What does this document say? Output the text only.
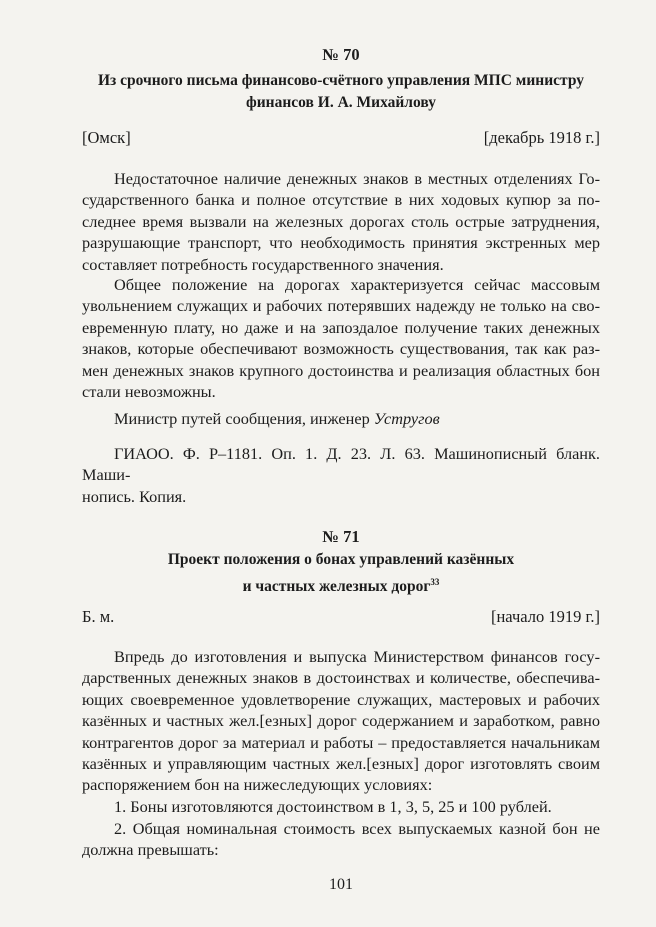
№ 70
Из срочного письма финансово-счётного управления МПС министру
финансов И. А. Михайлову
[Омск]	[декабрь 1918 г.]
Недостаточное наличие денежных знаков в местных отделениях Го-
сударственного банка и полное отсутствие в них ходовых купюр за по-
следнее время вызвали на железных дорогах столь острые затруднения,
разрушающие транспорт, что необходимость принятия экстренных мер
составляет потребность государственного значения.
Общее положение на дорогах характеризуется сейчас массовым
увольнением служащих и рабочих потерявших надежду не только на сво-
евременную плату, но даже и на запоздалое получение таких денежных
знаков, которые обеспечивают возможность существования, так как раз-
мен денежных знаков крупного достоинства и реализация областных бон
стали невозможны.
Министр путей сообщения, инженер Устругов
ГИАОО. Ф. Р–1181. Оп. 1. Д. 23. Л. 63. Машинописный бланк. Маши-
нопись. Копия.
№ 71
Проект положения о бонах управлений казённых
и частных железных дорог$^{33}$
Б. м.	[начало 1919 г.]
Впредь до изготовления и выпуска Министерством финансов госу-
дарственных денежных знаков в достоинствах и количестве, обеспечива-
ющих своевременное удовлетворение служащих, мастеровых и рабочих
казённых и частных жел.[езных] дорог содержанием и заработком, равно
контрагентов дорог за материал и работы – предоставляется начальникам
казённых и управляющим частных жел.[езных] дорог изготовлять своим
распоряжением бон на нижеследующих условиях:
1. Боны изготовляются достоинством в 1, 3, 5, 25 и 100 рублей.
2. Общая номинальная стоимость всех выпускаемых казной бон не
должна превышать:
101
